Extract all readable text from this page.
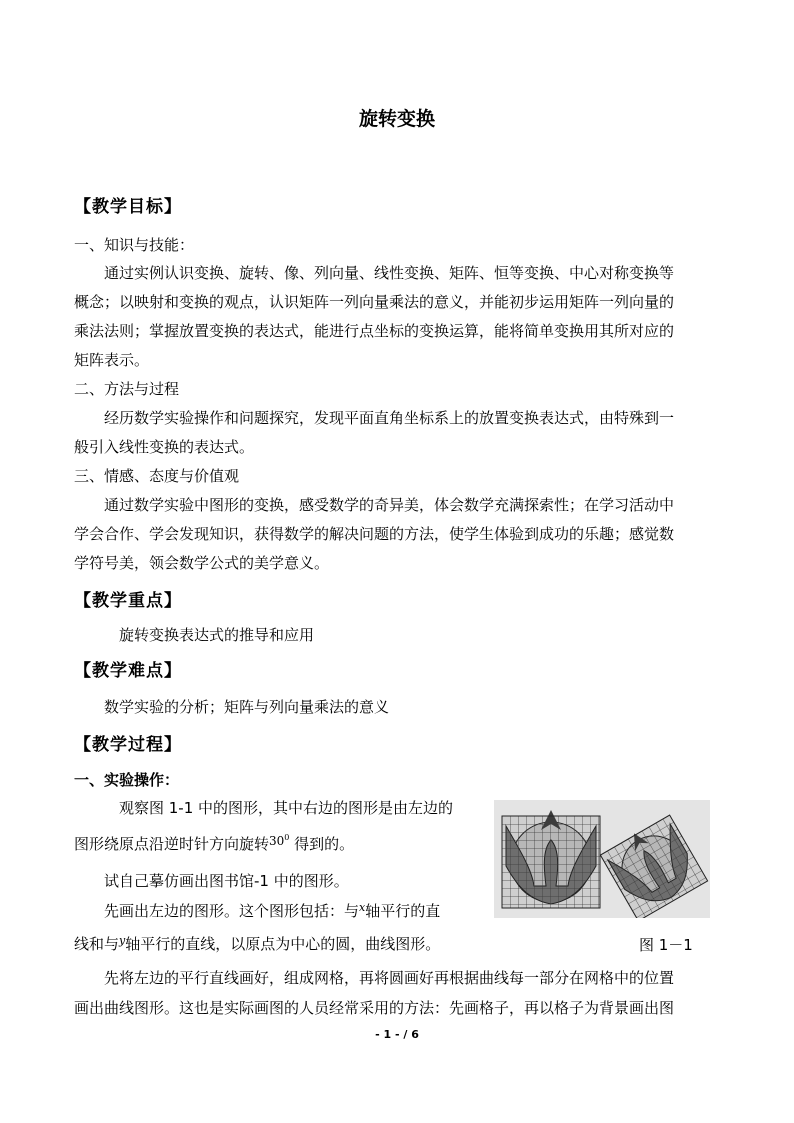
旋转变换
【教学目标】
一、知识与技能：
通过实例认识变换、旋转、像、列向量、线性变换、矩阵、恒等变换、中心对称变换等
概念；以映射和变换的观点，认识矩阵一列向量乘法的意义，并能初步运用矩阵一列向量的
乘法法则；掌握放置变换的表达式，能进行点坐标的变换运算，能将简单变换用其所对应的
矩阵表示。
二、方法与过程
经历数学实验操作和问题探究，发现平面直角坐标系上的放置变换表达式，由特殊到一
般引入线性变换的表达式。
三、情感、态度与价值观
通过数学实验中图形的变换，感受数学的奇异美，体会数学充满探索性；在学习活动中
学会合作、学会发现知识，获得数学的解决问题的方法，使学生体验到成功的乐趣；感觉数
学符号美，领会数学公式的美学意义。
【教学重点】
旋转变换表达式的推导和应用
【教学难点】
数学实验的分析；矩阵与列向量乘法的意义
【教学过程】
一、实验操作：
观察图 1-1 中的图形，其中右边的图形是由左边的
图形绕原点沿逆时针方向旋转$^{30^0}$ 得到的。
试自己摹仿画出图书馆-1 中的图形。
先画出左边的图形。这个图形包括：与$^x$轴平行的直
线和与$^y$轴平行的直线，以原点为中心的圆，曲线图形。	图 1－1
先将左边的平行直线画好，组成网格，再将圆画好再根据曲线每一部分在网格中的位置
画出曲线图形。这也是实际画图的人员经常采用的方法：先画格子，再以格子为背景画出图
- 1 - / 6
